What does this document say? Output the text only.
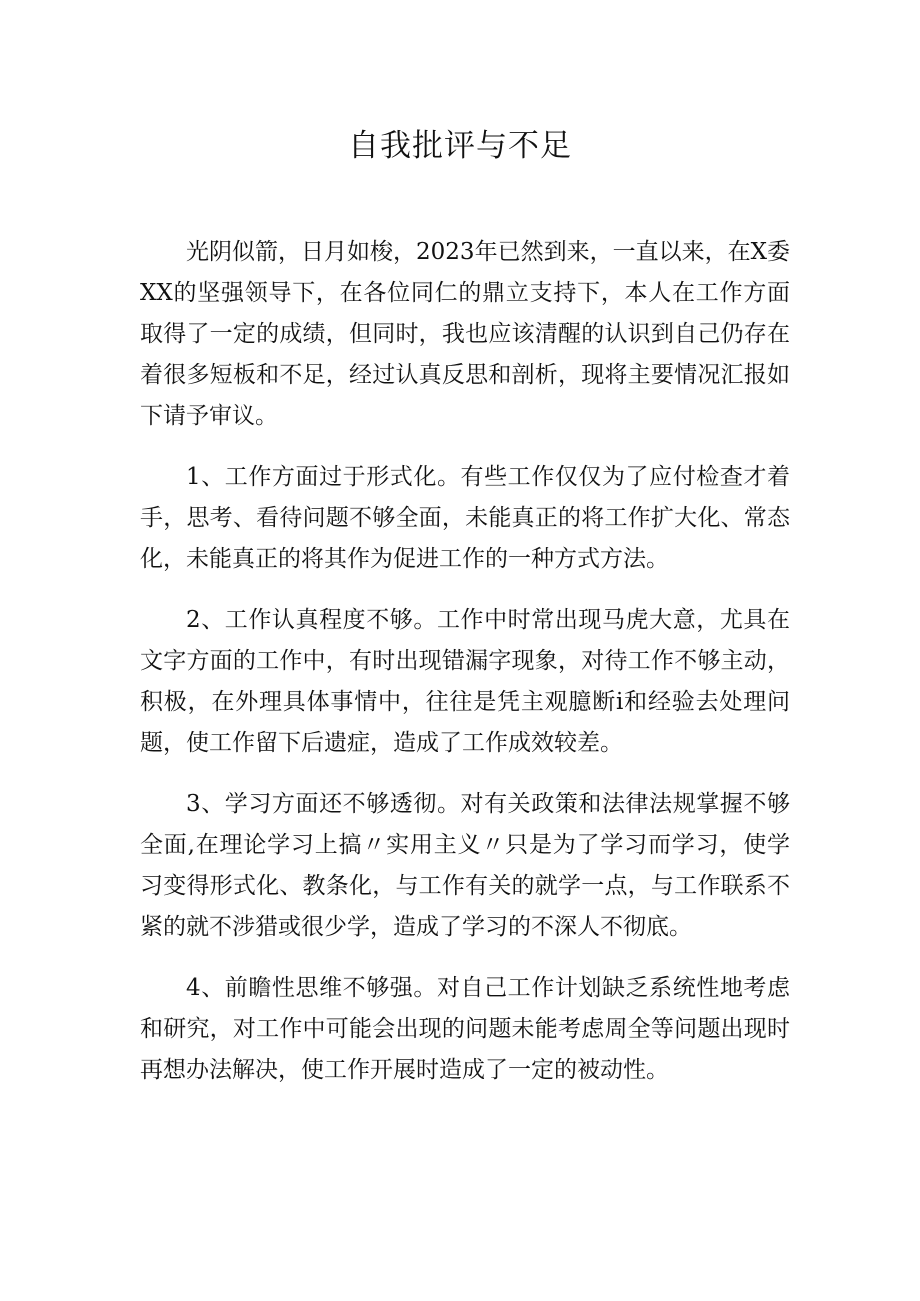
自我批评与不足

光阴似箭，日月如梭，2023年已然到来，一直以来，在X委XX的坚强领导下，在各位同仁的鼎立支持下，本人在工作方面取得了一定的成绩，但同时，我也应该清醒的认识到自己仍存在着很多短板和不足，经过认真反思和剖析，现将主要情况汇报如下请予审议。

1、工作方面过于形式化。有些工作仅仅为了应付检查才着手，思考、看待问题不够全面，未能真正的将工作扩大化、常态化，未能真正的将其作为促进工作的一种方式方法。

2、工作认真程度不够。工作中时常出现马虎大意，尤具在文字方面的工作中，有时出现错漏字现象，对待工作不够主动，积极，在外理具体事情中，往往是凭主观臆断i和经验去处理问题，使工作留下后遗症，造成了工作成效较差。

3、学习方面还不够透彻。对有关政策和法律法规掌握不够全面,在理论学习上搞〃实用主义〃只是为了学习而学习，使学习变得形式化、教条化，与工作有关的就学一点，与工作联系不紧的就不涉猎或很少学，造成了学习的不深人不彻底。

4、前瞻性思维不够强。对自己工作计划缺乏系统性地考虑和研究，对工作中可能会出现的问题未能考虑周全等问题出现时再想办法解决，使工作开展时造成了一定的被动性。
